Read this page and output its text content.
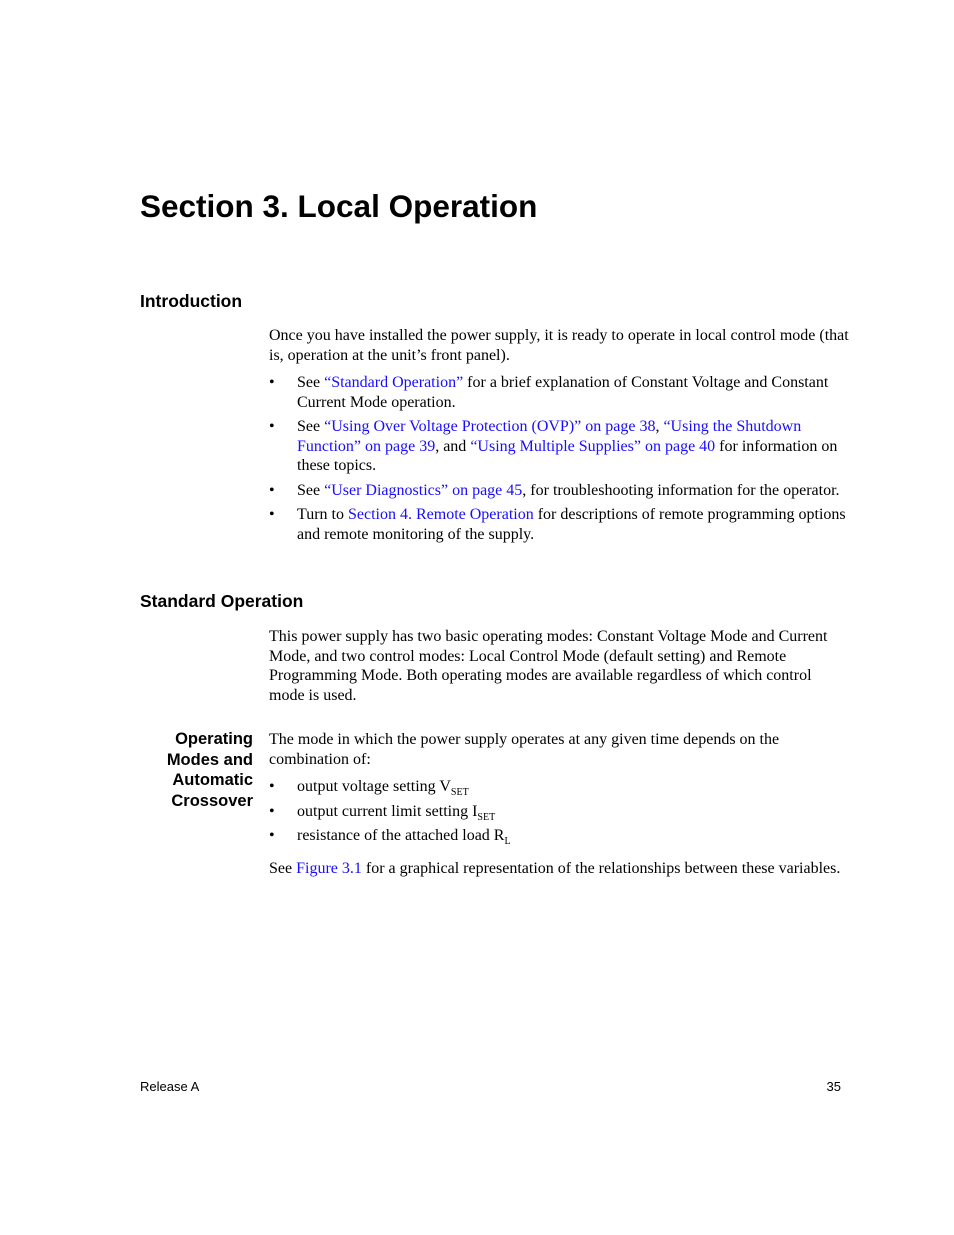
Section 3. Local Operation
Introduction

Once you have installed the power supply, it is ready to operate in local control mode (that is, operation at the unit’s front panel).

• See “Standard Operation” for a brief explanation of Constant Voltage and Constant Current Mode operation.
• See “Using Over Voltage Protection (OVP)” on page 38, “Using the Shutdown Function” on page 39, and “Using Multiple Supplies” on page 40 for information on these topics.
• See “User Diagnostics” on page 45, for troubleshooting information for the operator.
• Turn to Section 4. Remote Operation for descriptions of remote programming options and remote monitoring of the supply.
Standard Operation

This power supply has two basic operating modes: Constant Voltage Mode and Current Mode, and two control modes: Local Control Mode (default setting) and Remote Programming Mode. Both operating modes are available regardless of which control mode is used.

Operating
Modes and
Automatic
Crossover

The mode in which the power supply operates at any given time depends on the combination of:

• output voltage setting $V_{SET}$
• output current limit setting $I_{SET}$
• resistance of the attached load $R_L$

See Figure 3.1 for a graphical representation of the relationships between these variables.

Release A	35
